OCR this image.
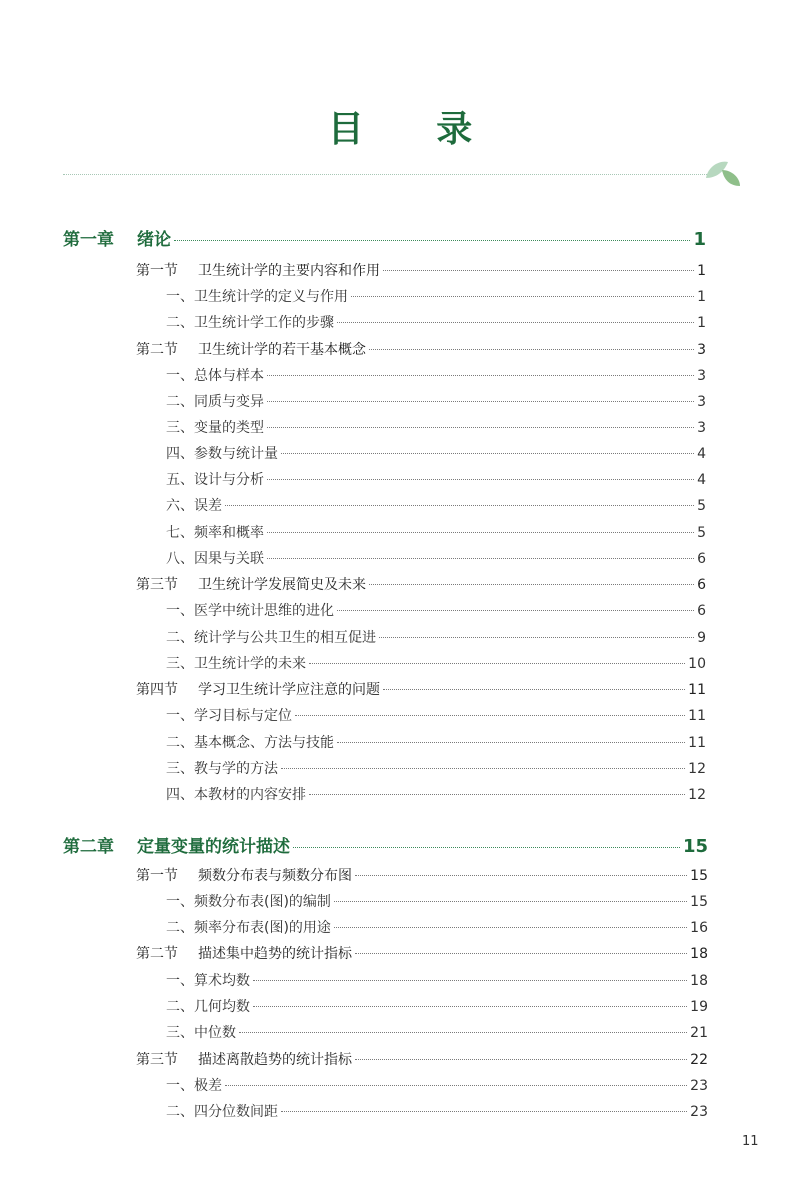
目 录
第一章	绪论	1
第一节	卫生统计学的主要内容和作用	1
一、卫生统计学的定义与作用	1
二、卫生统计学工作的步骤	1
第二节	卫生统计学的若干基本概念	3
一、总体与样本	3
二、同质与变异	3
三、变量的类型	3
四、参数与统计量	4
五、设计与分析	4
六、误差	5
七、频率和概率	5
八、因果与关联	6
第三节	卫生统计学发展简史及未来	6
一、医学中统计思维的进化	6
二、统计学与公共卫生的相互促进	9
三、卫生统计学的未来	10
第四节	学习卫生统计学应注意的问题	11
一、学习目标与定位	11
二、基本概念、方法与技能	11
三、教与学的方法	12
四、本教材的内容安排	12
第二章	定量变量的统计描述	15
第一节	频数分布表与频数分布图	15
一、频数分布表(图)的编制	15
二、频率分布表(图)的用途	16
第二节	描述集中趋势的统计指标	18
一、算术均数	18
二、几何均数	19
三、中位数	21
第三节	描述离散趋势的统计指标	22
一、极差	23
二、四分位数间距	23
11
